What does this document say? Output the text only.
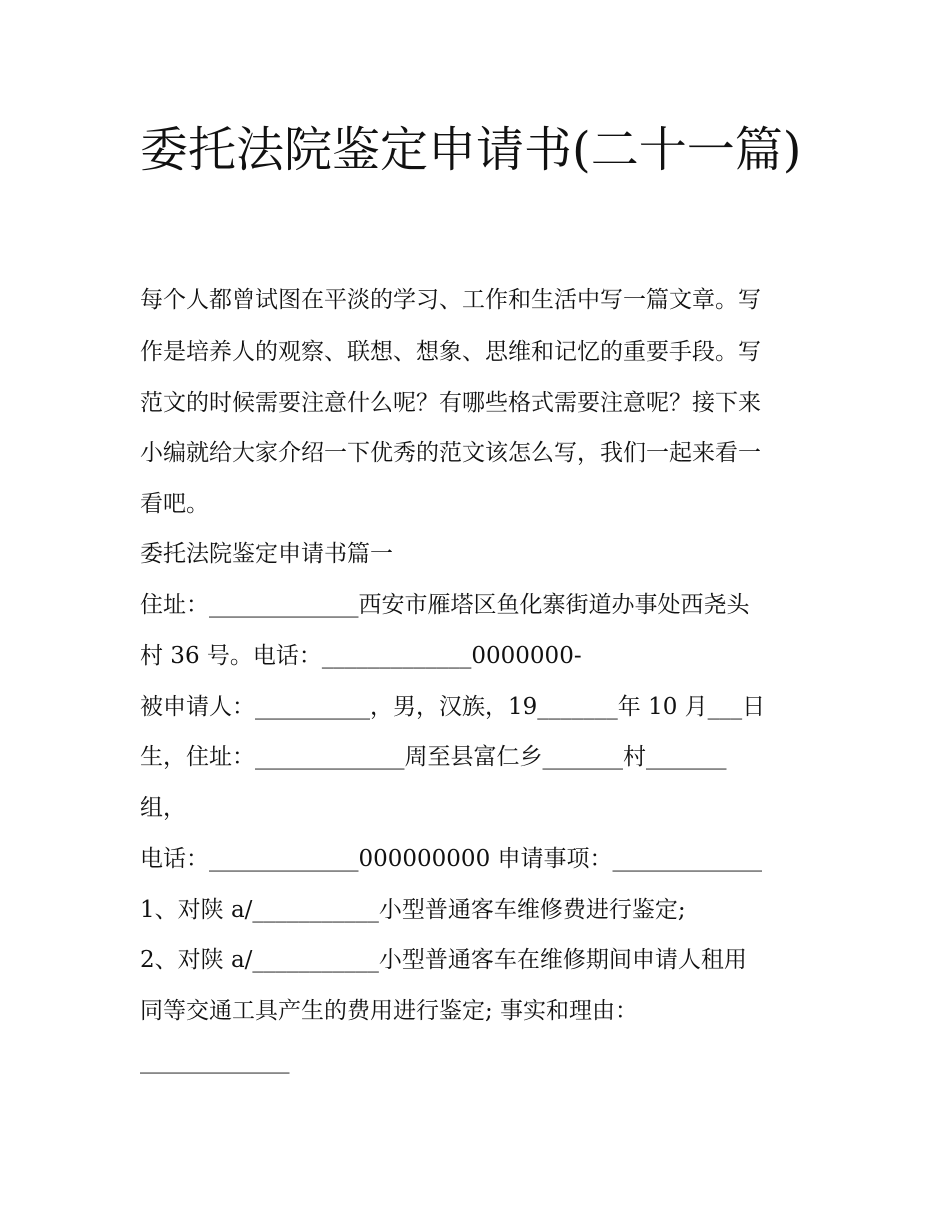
委托法院鉴定申请书(二十一篇)
每个人都曾试图在平淡的学习、工作和生活中写一篇文章。写
作是培养人的观察、联想、想象、思维和记忆的重要手段。写
范文的时候需要注意什么呢？有哪些格式需要注意呢？接下来
小编就给大家介绍一下优秀的范文该怎么写，我们一起来看一
看吧。
委托法院鉴定申请书篇一
住址：_____________西安市雁塔区鱼化寨街道办事处西尧头
村 36 号。电话：_____________0000000-
被申请人：__________，男，汉族，19_______年 10 月___日
生，住址：_____________周至县富仁乡_______村_______
组，
电话：_____________000000000 申请事项：_____________
1、对陕 a/___________小型普通客车维修费进行鉴定;
2、对陕 a/___________小型普通客车在维修期间申请人租用
同等交通工具产生的费用进行鉴定; 事实和理由：
_____________
